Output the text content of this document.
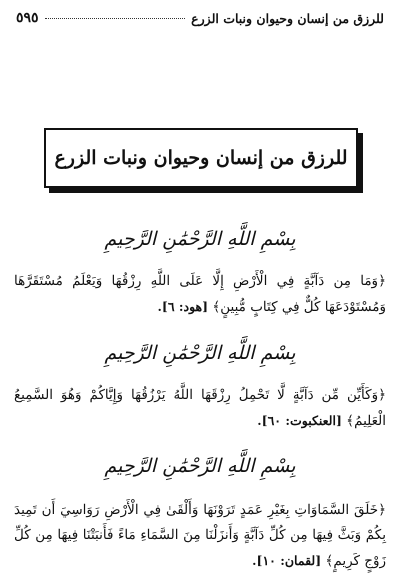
للرزق من إنسان وحيوان ونبات الزرع
٥٩٥
للرزق من إنسان وحيوان ونبات الزرع
بِسْمِ اللَّهِ الرَّحْمَٰنِ الرَّحِيمِ
﴿وَمَا مِن دَآبَّةٍ فِي الْأَرْضِ إِلَّا عَلَى اللَّهِ رِزْقُهَا وَيَعْلَمُ مُسْتَقَرَّهَا وَمُسْتَوْدَعَهَا كُلٌّ فِي كِتَابٍ مُّبِينٍ﴾ [هود: ٦].
بِسْمِ اللَّهِ الرَّحْمَٰنِ الرَّحِيمِ
﴿وَكَأَيِّن مِّن دَآبَّةٍ لَّا تَحْمِلُ رِزْقَهَا اللَّهُ يَرْزُقُهَا وَإِيَّاكُمْ وَهُوَ السَّمِيعُ الْعَلِيمُ﴾ [العنكبوت: ٦٠].
بِسْمِ اللَّهِ الرَّحْمَٰنِ الرَّحِيمِ
﴿خَلَقَ السَّمَاوَاتِ بِغَيْرِ عَمَدٍ تَرَوْنَهَا وَأَلْقَىٰ فِي الْأَرْضِ رَوَاسِيَ أَن تَمِيدَ بِكُمْ وَبَثَّ فِيهَا مِن كُلِّ دَآبَّةٍ وَأَنزَلْنَا مِنَ السَّمَاءِ مَاءً فَأَنبَتْنَا فِيهَا مِن كُلِّ زَوْجٍ كَرِيمٍ﴾ [لقمان: ١٠].
